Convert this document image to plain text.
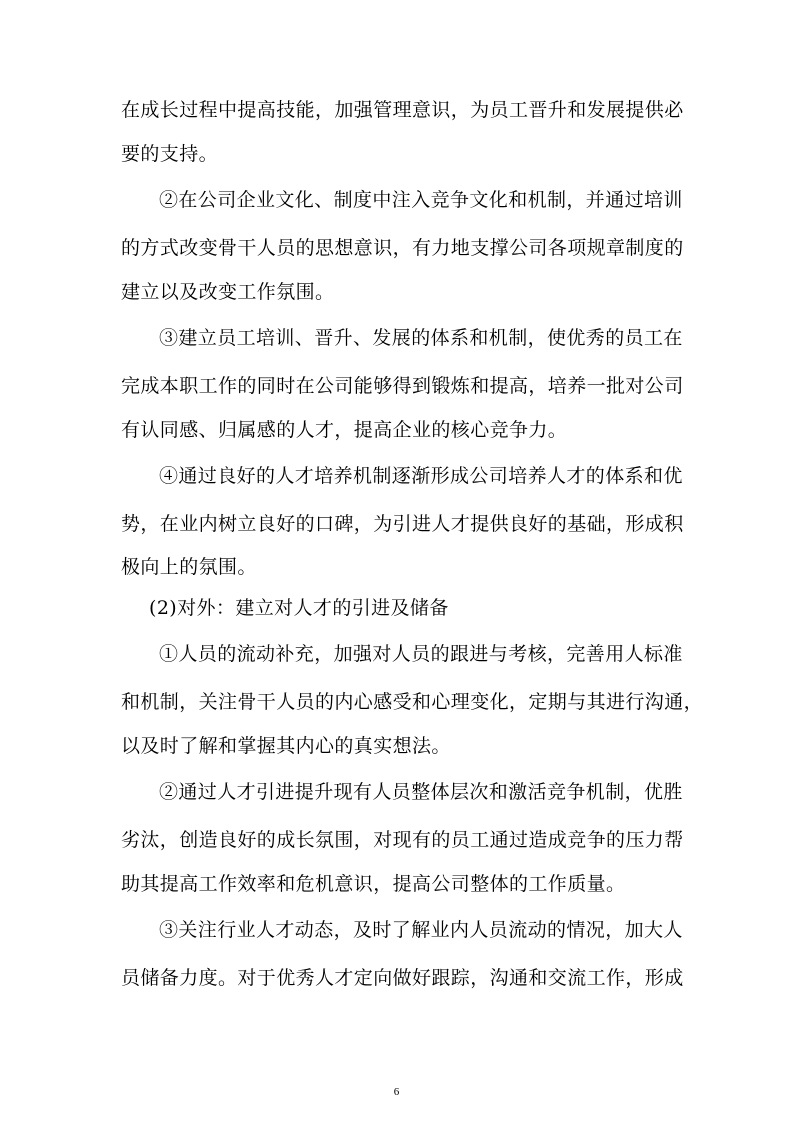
在成长过程中提高技能，加强管理意识，为员工晋升和发展提供必
要的支持。
②在公司企业文化、制度中注入竞争文化和机制，并通过培训
的方式改变骨干人员的思想意识，有力地支撑公司各项规章制度的
建立以及改变工作氛围。
③建立员工培训、晋升、发展的体系和机制，使优秀的员工在
完成本职工作的同时在公司能够得到锻炼和提高，培养一批对公司
有认同感、归属感的人才，提高企业的核心竞争力。
④通过良好的人才培养机制逐渐形成公司培养人才的体系和优
势，在业内树立良好的口碑，为引进人才提供良好的基础，形成积
极向上的氛围。
(2)对外：建立对人才的引进及储备
①人员的流动补充，加强对人员的跟进与考核，完善用人标准
和机制，关注骨干人员的内心感受和心理变化，定期与其进行沟通，
以及时了解和掌握其内心的真实想法。
②通过人才引进提升现有人员整体层次和激活竞争机制，优胜
劣汰，创造良好的成长氛围，对现有的员工通过造成竞争的压力帮
助其提高工作效率和危机意识，提高公司整体的工作质量。
③关注行业人才动态，及时了解业内人员流动的情况，加大人
员储备力度。对于优秀人才定向做好跟踪，沟通和交流工作，形成
6
